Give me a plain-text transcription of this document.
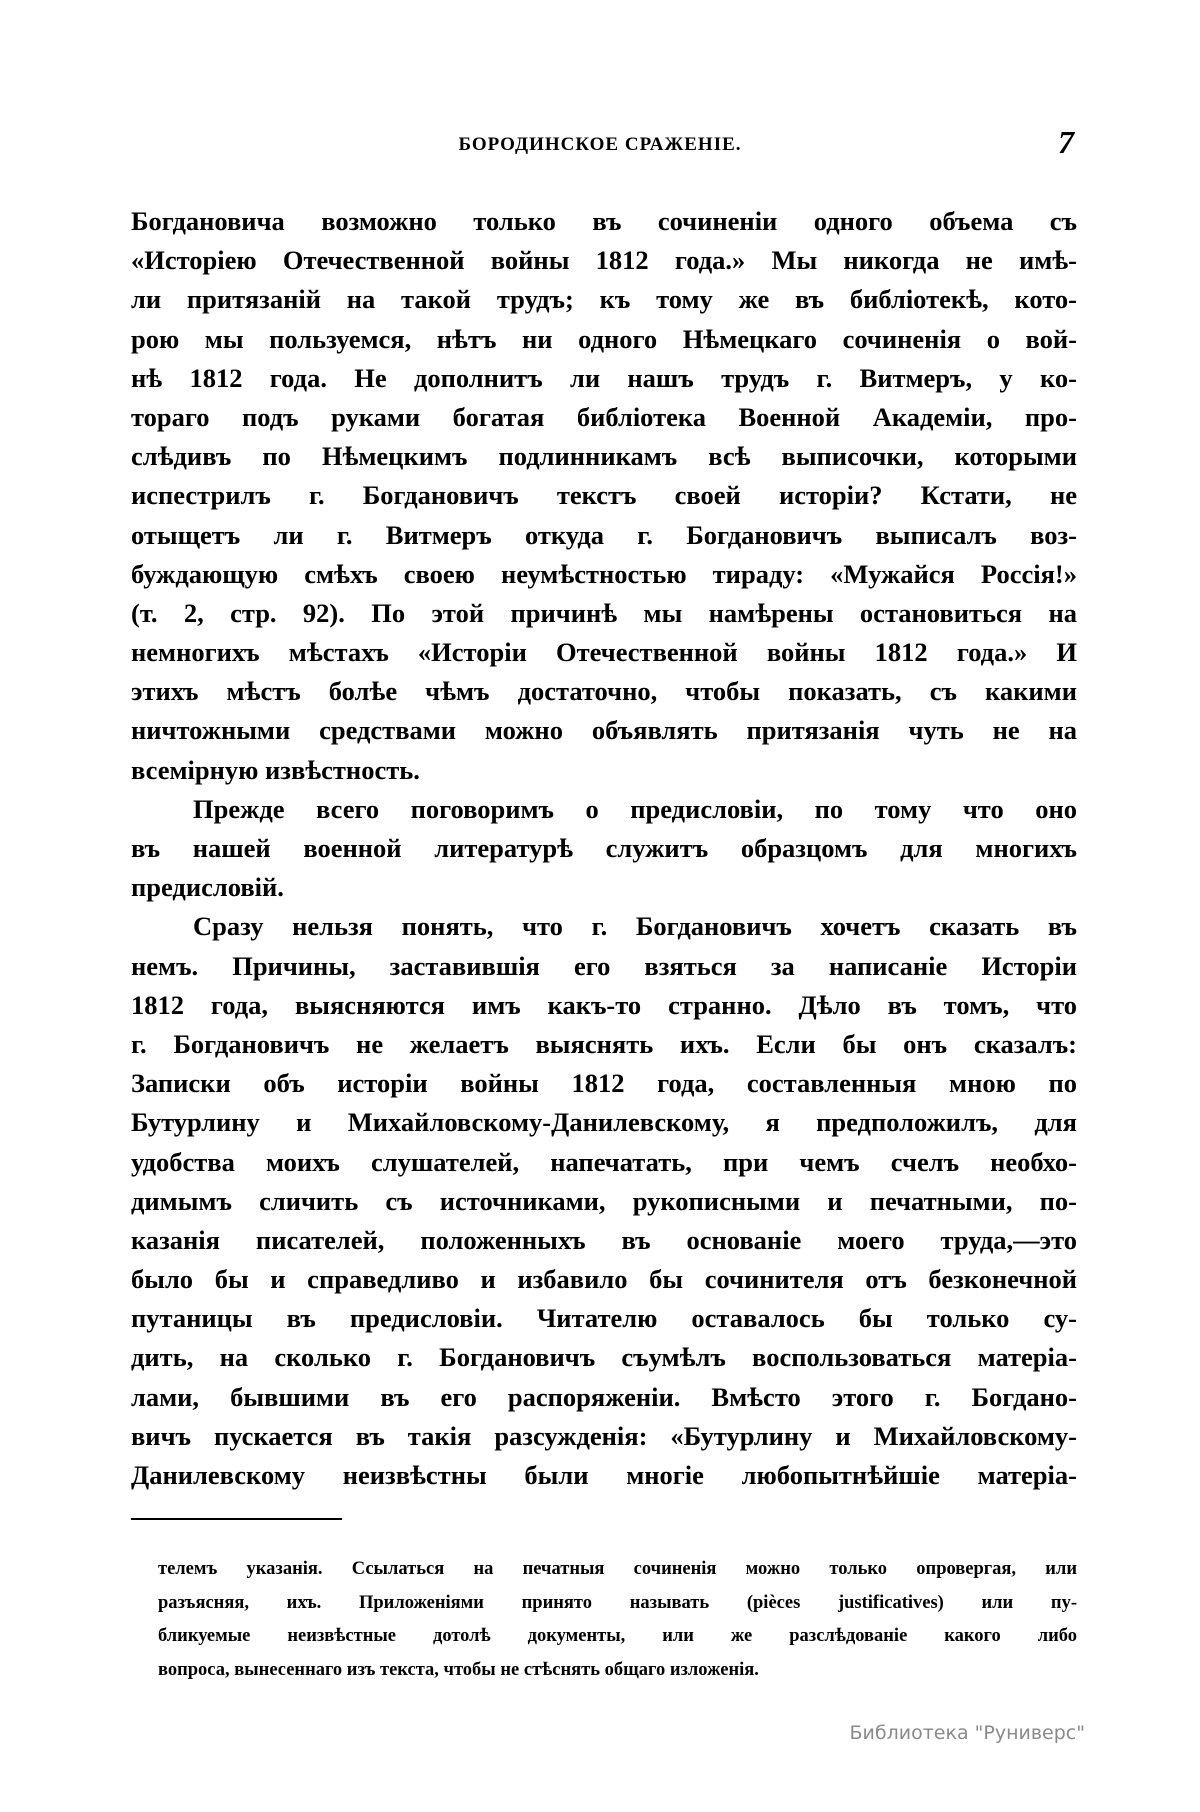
БОРОДИНСКОЕ СРАЖЕНІЕ.	7
Богдановича возможно только въ сочиненіи одного объема съ
«Исторіею Отечественной войны 1812 года.» Мы никогда не имѣ-
ли притязаній на такой трудъ; къ тому же въ библіотекѣ, кото-
рою мы пользуемся, нѣтъ ни одного Нѣмецкаго сочиненія о вой-
нѣ 1812 года. Не дополнитъ ли нашъ трудъ г. Витмеръ, у ко-
тораго подъ руками богатая библіотека Военной Академіи, про-
слѣдивъ по Нѣмецкимъ подлинникамъ всѣ выписочки, которыми
испестрилъ г. Богдановичъ текстъ своей исторіи? Кстати, не
отыщетъ ли г. Витмеръ откуда г. Богдановичъ выписалъ воз-
буждающую смѣхъ своею неумѣстностью тираду: «Мужайся Россія!»
(т. 2, стр. 92). По этой причинѣ мы намѣрены остановиться на
немногихъ мѣстахъ «Исторіи Отечественной войны 1812 года.» И
этихъ мѣстъ болѣе чѣмъ достаточно, чтобы показать, съ какими
ничтожными средствами можно объявлять притязанія чуть не на
всемірную извѣстность.
Прежде всего поговоримъ о предисловіи, по тому что оно
въ нашей военной литературѣ служитъ образцомъ для многихъ
предисловій.
Сразу нельзя понять, что г. Богдановичъ хочетъ сказать въ
немъ. Причины, заставившія его взяться за написаніе Исторіи
1812 года, выясняются имъ какъ-то странно. Дѣло въ томъ, что
г. Богдановичъ не желаетъ выяснять ихъ. Если бы онъ сказалъ:
Записки объ исторіи войны 1812 года, составленныя мною по
Бутурлину и Михайловскому-Данилевскому, я предположилъ, для
удобства моихъ слушателей, напечатать, при чемъ счелъ необхо-
димымъ сличить съ источниками, рукописными и печатными, по-
казанія писателей, положенныхъ въ основаніе моего труда,—это
было бы и справедливо и избавило бы сочинителя отъ безконечной
путаницы въ предисловіи. Читателю оставалось бы только су-
дить, на сколько г. Богдановичъ съумѣлъ воспользоваться матеріа-
лами, бывшими въ его распоряженіи. Вмѣсто этого г. Богдано-
вичъ пускается въ такія разсужденія: «Бутурлину и Михайловскому-
Данилевскому неизвѣстны были многіе любопытнѣйшіе матеріа-
телемъ указанія. Ссылаться на печатныя сочиненія можно только опровергая, или
разъясняя, ихъ. Приложеніями принято называть (pièces justificatives) или пу-
бликуемые неизвѣстные дотолѣ документы, или же разслѣдованіе какого либо
вопроса, вынесеннаго изъ текста, чтобы не стѣснять общаго изложенія.
Библиотека "Руниверс"
